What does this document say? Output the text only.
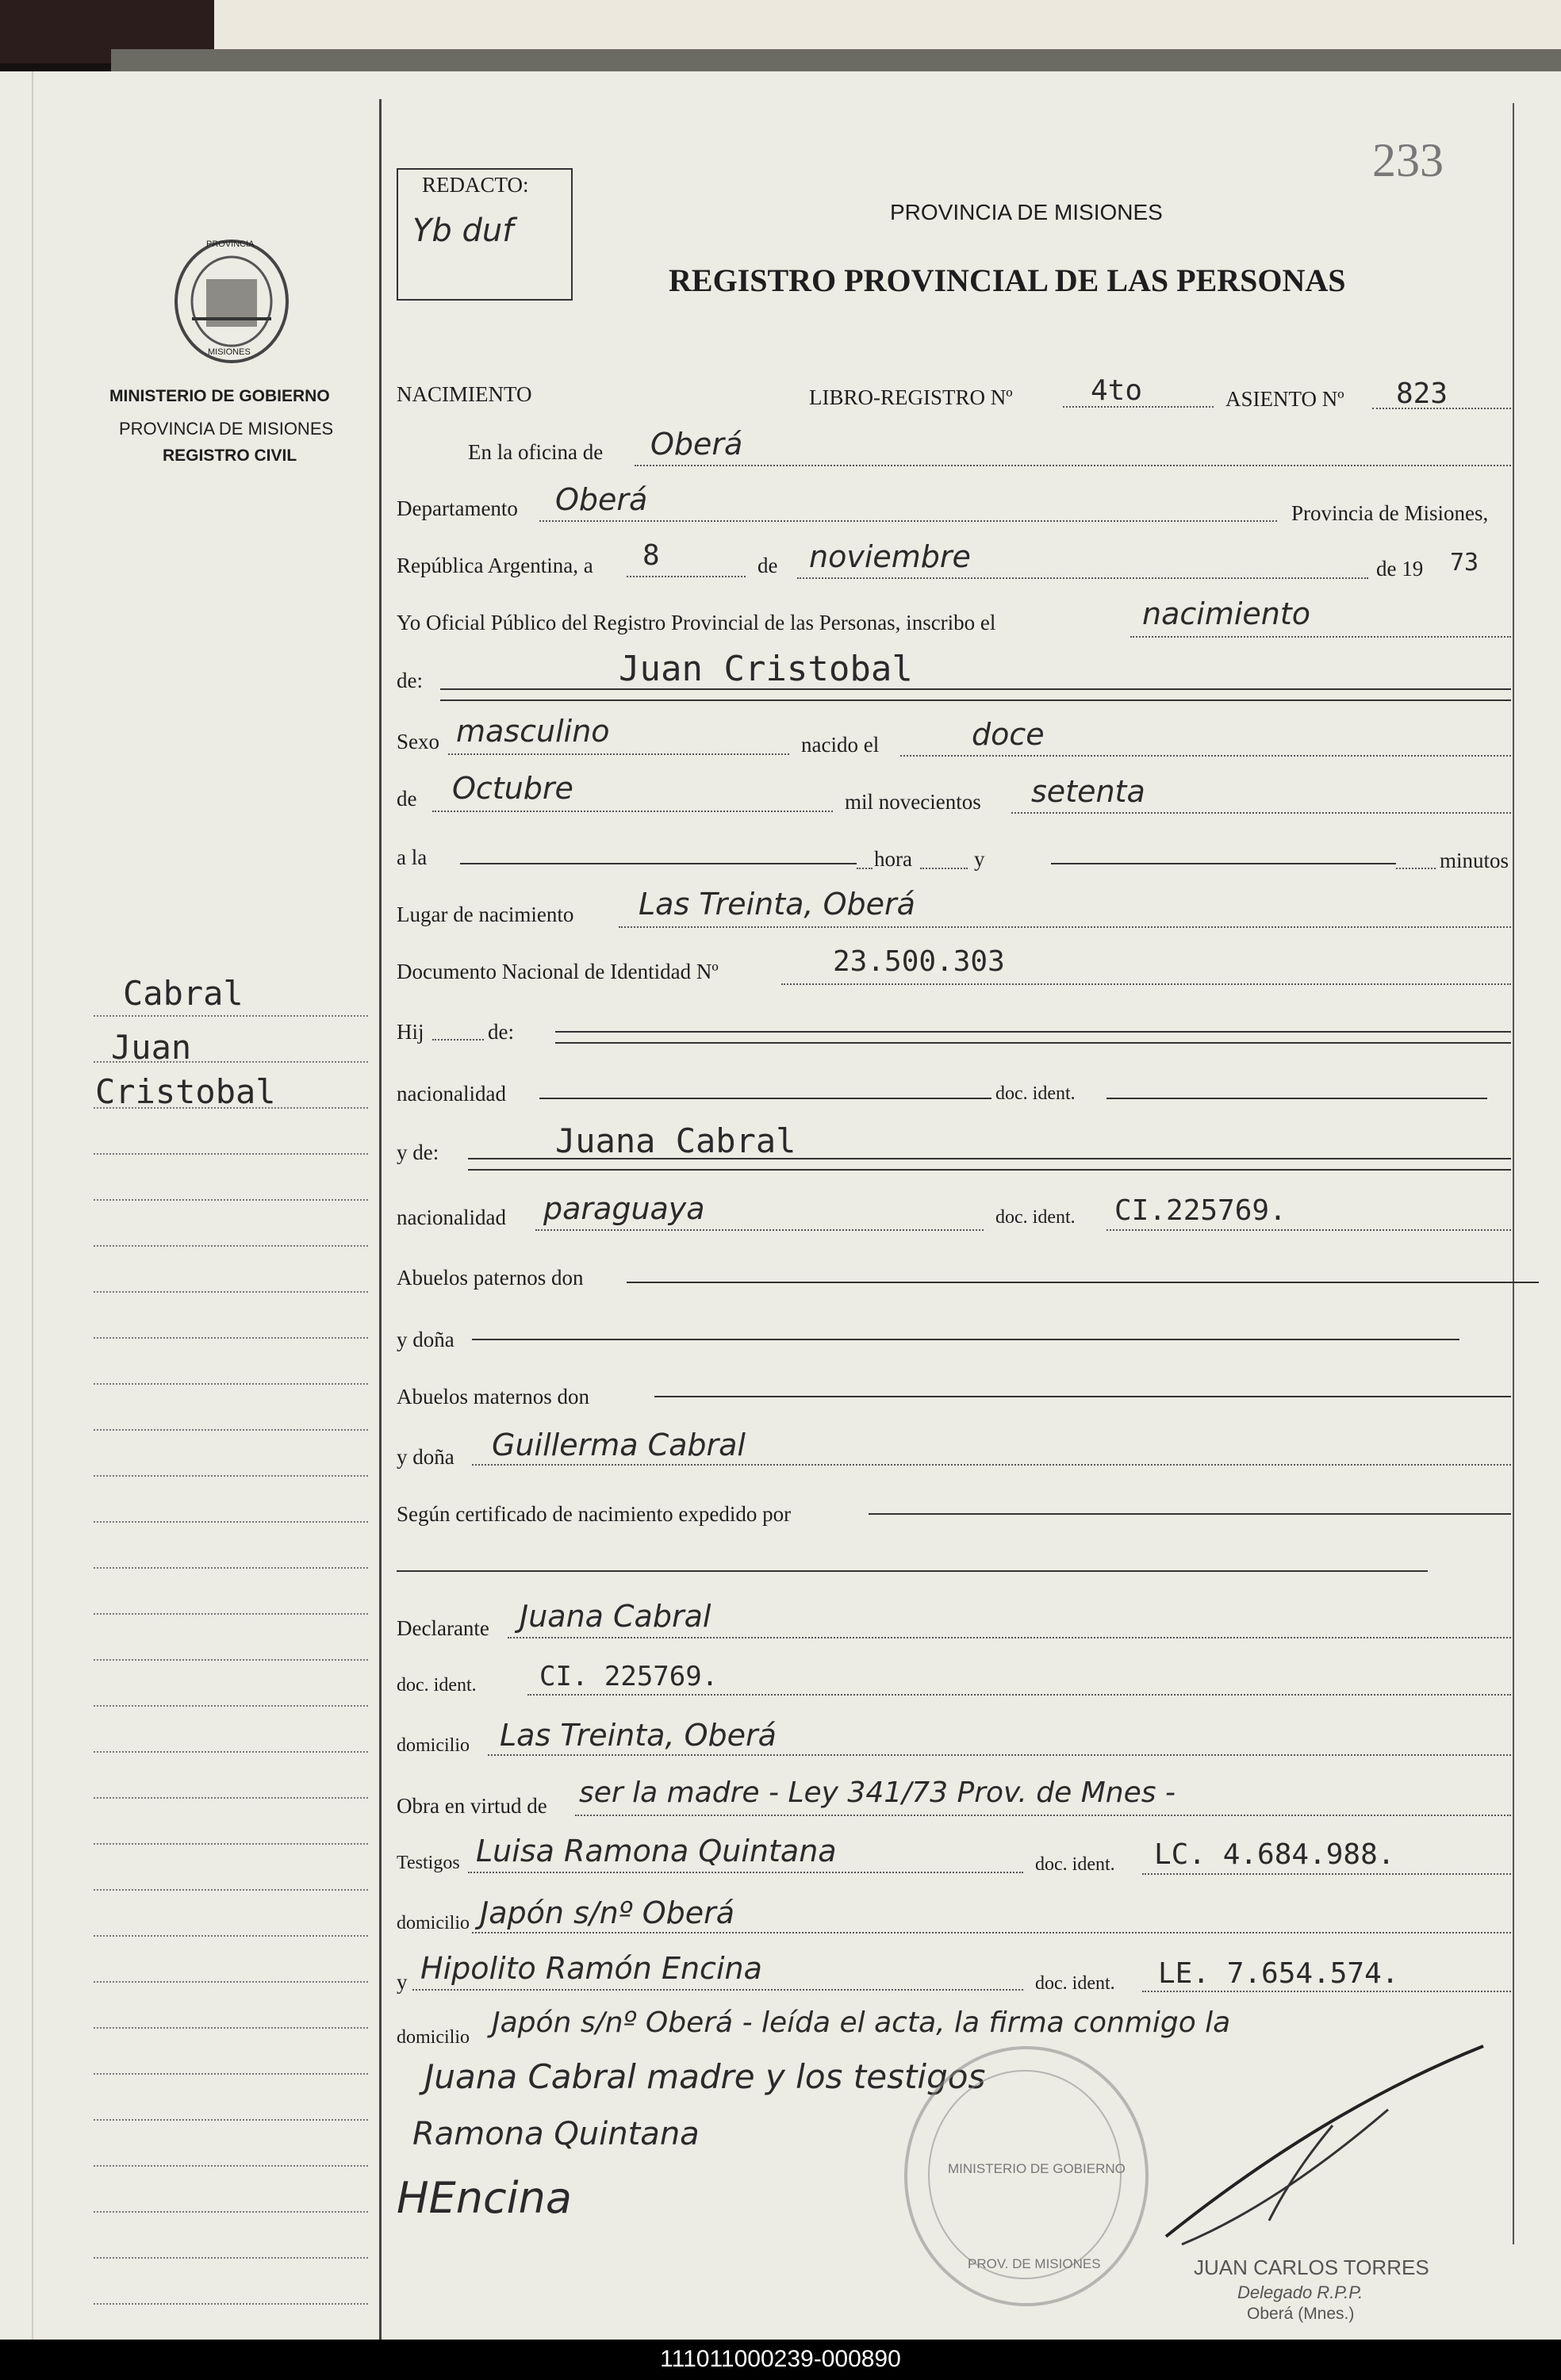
233
REDACTO:
Yb duf
PROVINCIA DE MISIONES
REGISTRO PROVINCIAL DE LAS PERSONAS
PROVINCIA
MISIONES
MINISTERIO DE GOBIERNO
PROVINCIA DE MISIONES
REGISTRO CIVIL
NACIMIENTO	LIBRO-REGISTRO Nº	4to	ASIENTO Nº 823
En la oficina de Oberá
Departamento Oberá	Provincia de Misiones,
República Argentina, a 8	de noviembre	de 19 73
Yo Oficial Público del Registro Provincial de las Personas, inscribo el	nacimiento
de:	Juan Cristobal
Sexo masculino	nacido el	doce
de Octubre	mil novecientos setenta
a la	hora	y	minutos
Lugar de nacimiento Las Treinta, Oberá
Documento Nacional de Identidad Nº	23.500.303
Hij	de:
nacionalidad	doc. ident.
y de:	Juana Cabral
nacionalidad paraguaya	doc. ident. CI.225769.
Abuelos paternos don
y doña
Abuelos maternos don
y doña Guillerma Cabral
Según certificado de nacimiento expedido por
Declarante Juana Cabral
doc. ident. CI. 225769.
domicilio Las Treinta, Oberá
Obra en virtud de ser la madre - Ley 341/73 Prov. de Mnes -
Testigos Luisa Ramona Quintana	doc. ident. LC. 4.684.988.
domicilio Japón s/nº Oberá
y Hipolito Ramón Encina	doc. ident. LE. 7.654.574.
domicilio Japón s/nº Oberá - leída el acta, la firma conmigo la
Juana Cabral madre y los testigos
Ramona Quintana
HEncina
MINISTERIO DE GOBIERNO
PROV. DE MISIONES	JUAN CARLOS TORRES
Delegado R.P.P.
Oberá (Mnes.)
Cabral
Juan
Cristobal
111011000239-000890
